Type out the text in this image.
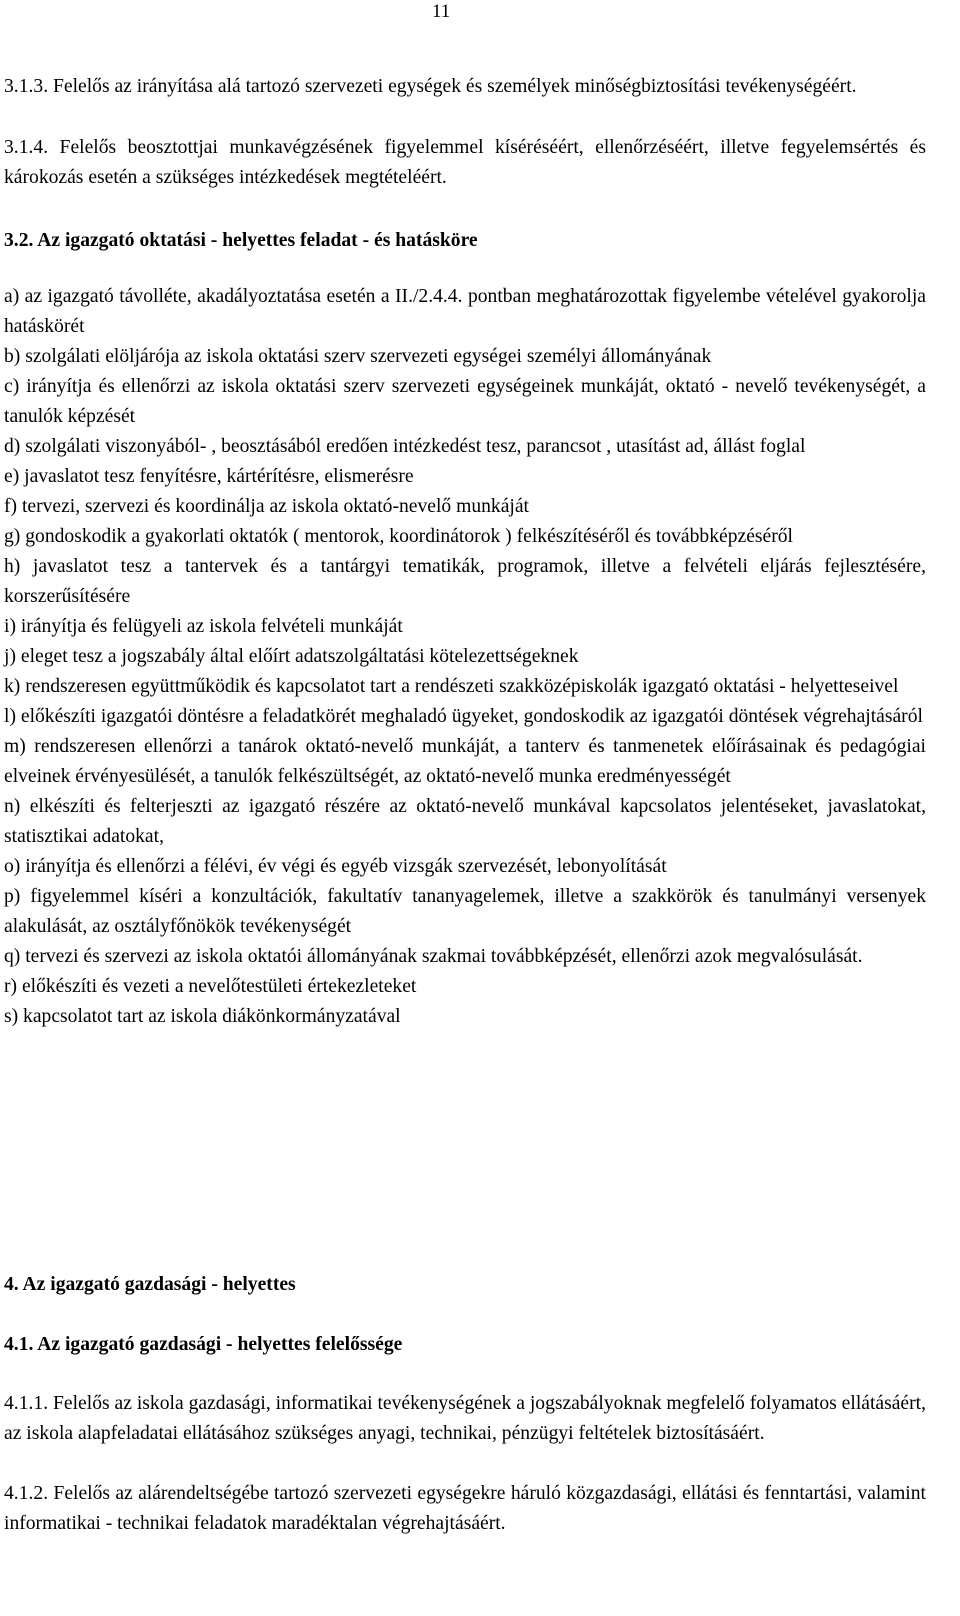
11
3.1.3. Felelős az irányítása alá tartozó szervezeti egységek és személyek minőségbiztosítási tevékenységéért.
3.1.4. Felelős beosztottjai munkavégzésének figyelemmel kíséréséért, ellenőrzéséért, illetve fegyelemsértés és károkozás esetén a szükséges intézkedések megtételéért.
3.2. Az igazgató oktatási - helyettes feladat - és hatásköre
a) az igazgató távolléte, akadályoztatása esetén a II./2.4.4. pontban meghatározottak figyelembe vételével gyakorolja hatáskörét
b) szolgálati elöljárója az iskola oktatási szerv szervezeti egységei személyi állományának
c) irányítja és ellenőrzi az iskola oktatási szerv szervezeti egységeinek munkáját, oktató - nevelő tevékenységét, a tanulók képzését
d) szolgálati viszonyából- , beosztásából eredően intézkedést tesz, parancsot , utasítást ad, állást foglal
e) javaslatot tesz fenyítésre, kártérítésre, elismerésre
f) tervezi, szervezi és koordinálja az iskola oktató-nevelő munkáját
g) gondoskodik a gyakorlati oktatók ( mentorok, koordinátorok ) felkészítéséről és továbbképzéséről
h) javaslatot tesz a tantervek és a tantárgyi tematikák, programok, illetve a felvételi eljárás fejlesztésére, korszerűsítésére
i) irányítja és felügyeli az iskola felvételi munkáját
j) eleget tesz a jogszabály által előírt adatszolgáltatási kötelezettségeknek
k) rendszeresen együttműködik és kapcsolatot tart a rendészeti szakközépiskolák igazgató oktatási - helyetteseivel
l) előkészíti igazgatói döntésre a feladatkörét meghaladó ügyeket, gondoskodik az igazgatói döntések végrehajtásáról
m) rendszeresen ellenőrzi a tanárok oktató-nevelő munkáját, a tanterv és tanmenetek előírásainak és pedagógiai elveinek érvényesülését, a tanulók felkészültségét, az oktató-nevelő munka eredményességét
n) elkészíti és felterjeszti az igazgató részére az oktató-nevelő munkával kapcsolatos jelentéseket, javaslatokat, statisztikai adatokat,
o) irányítja és ellenőrzi a félévi, év végi és egyéb vizsgák szervezését, lebonyolítását
p) figyelemmel kíséri a konzultációk, fakultatív tananyagelemek, illetve a szakkörök és tanulmányi versenyek alakulását, az osztályfőnökök tevékenységét
q) tervezi és szervezi az iskola oktatói állományának szakmai továbbképzését, ellenőrzi azok megvalósulását.
r) előkészíti és vezeti a nevelőtestületi értekezleteket
s) kapcsolatot tart az iskola diákönkormányzatával
4. Az igazgató gazdasági - helyettes
4.1. Az igazgató gazdasági - helyettes felelőssége
4.1.1. Felelős az iskola gazdasági, informatikai tevékenységének a jogszabályoknak megfelelő folyamatos ellátásáért, az iskola alapfeladatai ellátásához szükséges anyagi, technikai, pénzügyi feltételek biztosításáért.
4.1.2. Felelős az alárendeltségébe tartozó szervezeti egységekre háruló közgazdasági, ellátási és fenntartási, valamint informatikai - technikai feladatok maradéktalan végrehajtásáért.
